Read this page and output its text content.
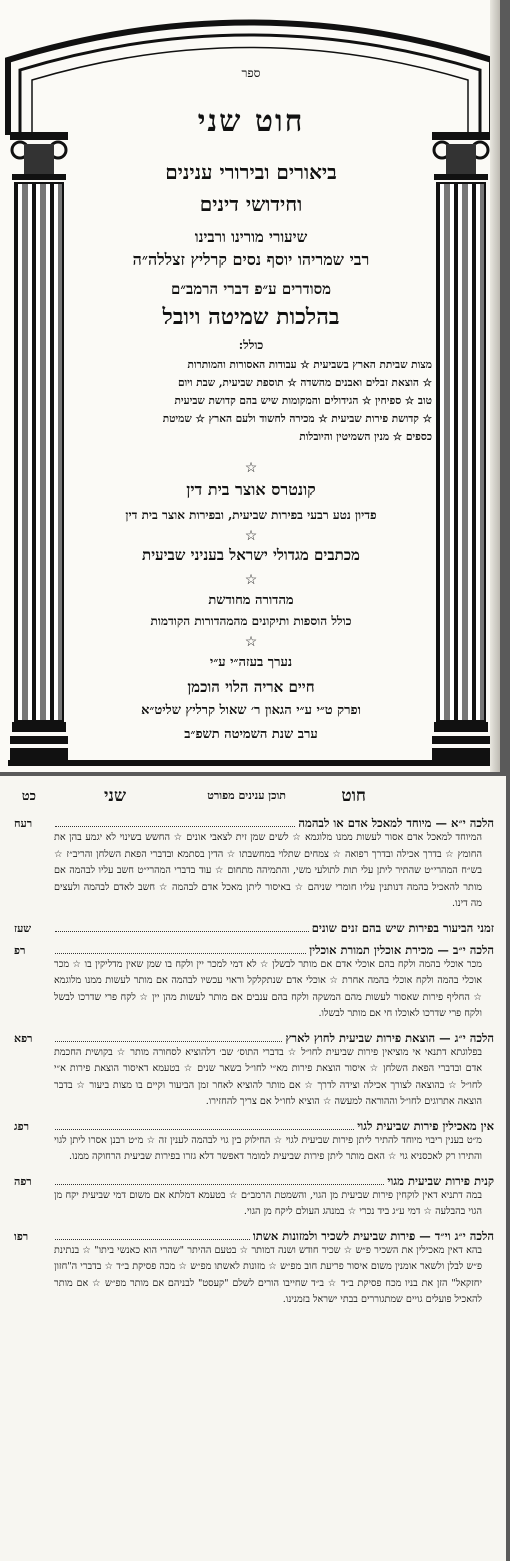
ספר
חוט שני
ביאורים ובירורי ענינים
וחידושי דינים
שיעורי מורינו ורבינו
רבי שמריהו יוסף נסים קרליץ זצללה״ה
מסודרים ע״פ דברי הרמב״ם
בהלכות שמיטה ויובל
כולל:
מצות שביתת הארץ בשביעית ☆ עבודות האסורות והמותרות
☆ הוצאת זבלים ואבנים מהשדה ☆ תוספת שביעית, שבת ויום
טוב ☆ ספיחין ☆ הגידולים והמקומות שיש בהם קדושת שביעית
☆ קדושת פירות שביעית ☆ מכירה לחשוד ולעם הארץ ☆ שמיטת
כספים ☆ מנין השמיטין והיובלות
☆
קונטרס אוצר בית דין
פדיון נטע רבעי בפירות שביעית, ובפירות אוצר בית דין
☆
מכתבים מגדולי ישראל בעניני שביעית
☆
מהדורה מחודשת
כולל הוספות ותיקונים מהמהדורות הקודמות
☆
נערך בעזה״י ע״י
חיים אריה הלוי הוכמן
ופרק ט״י ע״י הגאון ר׳ שאול קרליץ שליט״א
ערב שנת השמיטה תשפ״ב
חוט
תוכן ענינים מפורט
שני
כט
הלכה י״א — מיוחד למאכל אדם או לבהמה
רעח
המיוחד למאכל אדם אסור לעשות ממנו מלוגמא ☆ לשים שמן זית לצאבי אונים ☆ החשש בשינוי לא יגמע בהן את החומץ ☆ בדרך אכילה ובדרך רפואה ☆ צמחים שתלוי במחשבתו ☆ הדין בסתמא ובדברי הפאת השלחן והריב״ז ☆ בש״ח המהרי״ט שהתיר ליתן עלי תות לתולעי משי, והתמיהה מתחום ☆ עוד בדברי המהרי״ט חשב עליו לבהמה אם מותר להאכיל בהמה דנותנין עליו חומרי שניהם ☆ באיסור ליתן מאכל אדם לבהמה ☆ חשב לאדם לבהמה ולעצים מה דינו.
זמני הביעור בפירות שיש בהם זנים שונים
שעז
הלכה י״ב — מכירת אוכלין תמורת אוכלין
רפ
מכר אוכלי בהמה ולקח בהם אוכלי אדם אם מותר לבשלן ☆ לא דמי למכר יין ולקח בו שמן שאין מדליקין בו ☆ מכר אוכלי בהמה ולקח אוכלי בהמה אחרת ☆ אוכלי אדם שנתקלקל וראוי עכשיו לבהמה אם מותר לעשות ממנו מלוגמא ☆ החליף פירות שאסור לעשות מהם המשקה ולקח בהם ענבים אם מותר לעשות מהן יין ☆ לקח פרי שדרכו לבשל ולקח פרי שדרכו לאוכלו חי אם מותר לבשלו.
הלכה י״ג — הוצאת פירות שביעית לחוץ לארץ
רפא
בפלוגתא דתנאי אי מוציאין פירות שביעית לחו״ל ☆ בדברי התוס׳ שב׳ דלהוציא לסחורה מותר ☆ בקושית החכמת אדם ובדברי הפאת השלחן ☆ איסור הוצאת פירות מא״י לחו״ל בשאר שנים ☆ בטעמא דאיסור הוצאת פירות א״י לחו״ל ☆ בהוצאה לצורך אכילה וצידה לדרך ☆ אם מותר להוציא לאחר זמן הביעור וקיים בו מצות ביעור ☆ בדבר הוצאה אתרוגים לחו״ל וההוראה למעשה ☆ הוציא לחו״ל אם צריך להחזירו.
אין מאכילין פירות שביעית לגוי
רפג
מ״ט בענין ריבוי מיוחד להתיר ליתן פירות שביעית לגוי ☆ החילוק בין גוי לבהמה לענין זה ☆ מ״ט רבנן אסרו ליתן לגוי והתירו רק לאכסניא גוי ☆ האם מותר ליתן פירות שביעית למומר דאפשר דלא גזרו בפירות שביעית הרחוקה ממנו.
קנית פירות שביעית מגוי
רפה
במה דתניא דאין לוקחין פירות שביעית מן הגוי, והשמטת הרמב״ם ☆ בטעמא דמלתא אם משום דמי שביעית יקח מן הגוי בהבלעה ☆ דמי ע״ג ביד נכרי ☆ במנהג העולם ליקח מן הגוי.
הלכה י״ג וי״ד — פירות שביעית לשכיר ולמזונות אשתו
רפו
בהא דאין מאכילין את השכיר פ״ש ☆ שכיר חודש ושנה דמותר ☆ בטעם ההיתר "שהרי הוא כאנשי ביתו" ☆ בנתינת פ״ש לבלן ולשאר אומנין משום איסור פריעת חוב מפ״ש ☆ מזונות לאשתו מפ״ש ☆ מכה פסיקת ב״ד ☆ בדברי ה"חזון יחזקאל" הזן את בניו מכח פסיקת ב״ד ☆ ב״ד שחייבו הורים לשלם "קעסט" לבניהם אם מותר מפ״ש ☆ אם מותר להאכיל פועלים גויים שמתגוררים בבתי ישראל בזמנינו.
